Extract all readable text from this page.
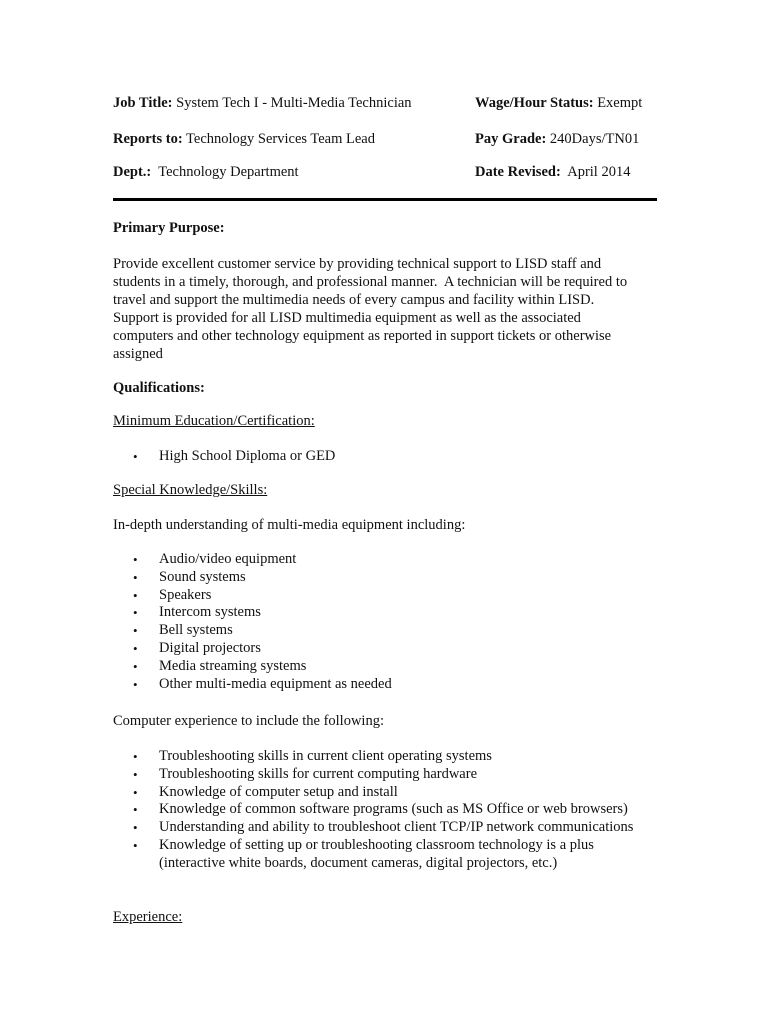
Job Title: System Tech I - Multi-Media Technician	Wage/Hour Status: Exempt
Reports to: Technology Services Team Lead	Pay Grade: 240Days/TN01
Dept.:  Technology Department	Date Revised:  April 2014
Primary Purpose:
Provide excellent customer service by providing technical support to LISD staff and
students in a timely, thorough, and professional manner.  A technician will be required to
travel and support the multimedia needs of every campus and facility within LISD.
Support is provided for all LISD multimedia equipment as well as the associated
computers and other technology equipment as reported in support tickets or otherwise
assigned
Qualifications:
Minimum Education/Certification:
• High School Diploma or GED
Special Knowledge/Skills:
In-depth understanding of multi-media equipment including:
• Audio/video equipment
• Sound systems
• Speakers
• Intercom systems
• Bell systems
• Digital projectors
• Media streaming systems
• Other multi-media equipment as needed
Computer experience to include the following:
• Troubleshooting skills in current client operating systems
• Troubleshooting skills for current computing hardware
• Knowledge of computer setup and install
• Knowledge of common software programs (such as MS Office or web browsers)
• Understanding and ability to troubleshoot client TCP/IP network communications
• Knowledge of setting up or troubleshooting classroom technology is a plus
(interactive white boards, document cameras, digital projectors, etc.)
Experience:
